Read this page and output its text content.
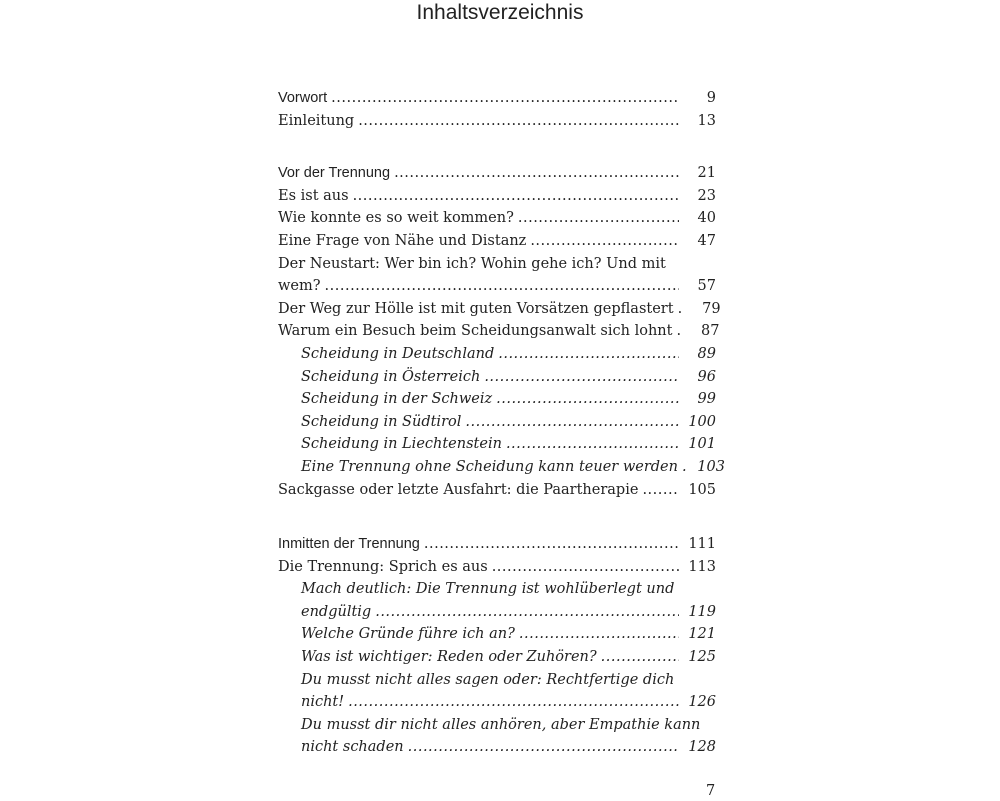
Inhaltsverzeichnis
Vorwort .....	9
Einleitung .....	13
Vor der Trennung .....	21
Es ist aus .....	23
Wie konnte es so weit kommen? .....	40
Eine Frage von Nähe und Distanz .....	47
Der Neustart: Wer bin ich? Wohin gehe ich? Und mit
wem? .....	57
Der Weg zur Hölle ist mit guten Vorsätzen gepflastert .....	79
Warum ein Besuch beim Scheidungsanwalt sich lohnt .....	87
Scheidung in Deutschland .....	89
Scheidung in Österreich .....	96
Scheidung in der Schweiz .....	99
Scheidung in Südtirol .....	100
Scheidung in Liechtenstein .....	101
Eine Trennung ohne Scheidung kann teuer werden ..... 103
Sackgasse oder letzte Ausfahrt: die Paartherapie .....	105
Inmitten der Trennung .....	111
Die Trennung: Sprich es aus .....	113
Mach deutlich: Die Trennung ist wohlüberlegt und
endgültig .....	119
Welche Gründe führe ich an? .....	121
Was ist wichtiger: Reden oder Zuhören? .....	125
Du musst nicht alles sagen oder: Rechtfertige dich
nicht! .....	126
Du musst dir nicht alles anhören, aber Empathie kann
nicht schaden .....	128
7
